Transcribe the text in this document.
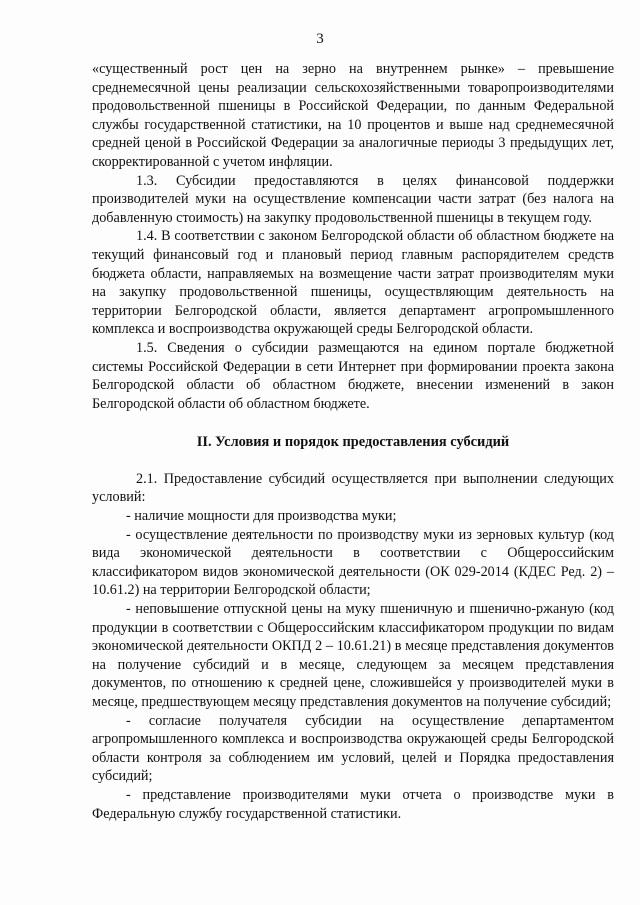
3

«существенный рост цен на зерно на внутреннем рынке» – превышение среднемесячной цены реализации сельскохозяйственными товаропроизводителями продовольственной пшеницы в Российской Федерации, по данным Федеральной службы государственной статистики, на 10 процентов и выше над среднемесячной средней ценой в Российской Федерации за аналогичные периоды 3 предыдущих лет, скорректированной с учетом инфляции.

1.3. Субсидии предоставляются в целях финансовой поддержки производителей муки на осуществление компенсации части затрат (без налога на добавленную стоимость) на закупку продовольственной пшеницы в текущем году.

1.4. В соответствии с законом Белгородской области об областном бюджете на текущий финансовый год и плановый период главным распорядителем средств бюджета области, направляемых на возмещение части затрат производителям муки на закупку продовольственной пшеницы, осуществляющим деятельность на территории Белгородской области, является департамент агропромышленного комплекса и воспроизводства окружающей среды Белгородской области.

1.5. Сведения о субсидии размещаются на едином портале бюджетной системы Российской Федерации в сети Интернет при формировании проекта закона Белгородской области об областном бюджете, внесении изменений в закон Белгородской области об областном бюджете.

II. Условия и порядок предоставления субсидий

2.1. Предоставление субсидий осуществляется при выполнении следующих условий:

- наличие мощности для производства муки;

- осуществление деятельности по производству муки из зерновых культур (код вида экономической деятельности в соответствии с Общероссийским классификатором видов экономической деятельности (ОК 029-2014 (КДЕС Ред. 2) – 10.61.2) на территории Белгородской области;

- неповышение отпускной цены на муку пшеничную и пшенично-ржаную (код продукции в соответствии с Общероссийским классификатором продукции по видам экономической деятельности ОКПД 2 – 10.61.21) в месяце представления документов на получение субсидий и в месяце, следующем за месяцем представления документов, по отношению к средней цене, сложившейся у производителей муки в месяце, предшествующем месяцу представления документов на получение субсидий;

- согласие получателя субсидии на осуществление департаментом агропромышленного комплекса и воспроизводства окружающей среды Белгородской области контроля за соблюдением им условий, целей и Порядка предоставления субсидий;

- представление производителями муки отчета о производстве муки в Федеральную службу государственной статистики.
